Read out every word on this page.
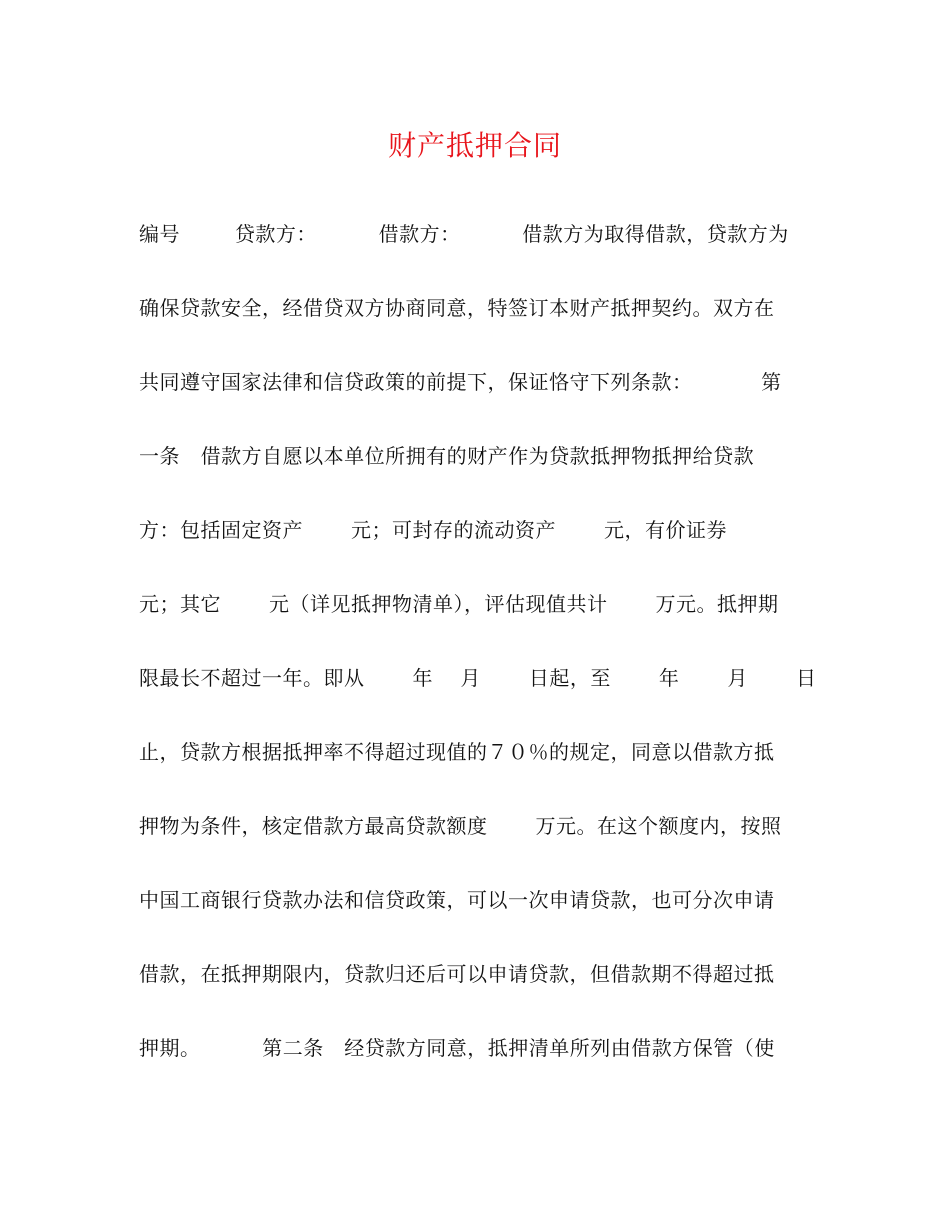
财产抵押合同
编号        贷款方：         借款方：         借款方为取得借款，贷款方为
确保贷款安全，经借贷双方协商同意，特签订本财产抵押契约。双方在
共同遵守国家法律和信贷政策的前提下，保证恪守下列条款：          第
一条   借款方自愿以本单位所拥有的财产作为贷款抵押物抵押给贷款
方：包括固定资产       元；可封存的流动资产       元，有价证券
元；其它       元（详见抵押物清单），评估现值共计       万元。抵押期
限最长不超过一年。即从       年    月       日起，至       年       月       日
止，贷款方根据抵押率不得超过现值的７０％的规定，同意以借款方抵
押物为条件，核定借款方最高贷款额度       万元。在这个额度内，按照
中国工商银行贷款办法和信贷政策，可以一次申请贷款，也可分次申请
借款，在抵押期限内，贷款归还后可以申请贷款，但借款期不得超过抵
押期。         第二条   经贷款方同意，抵押清单所列由借款方保管（使
